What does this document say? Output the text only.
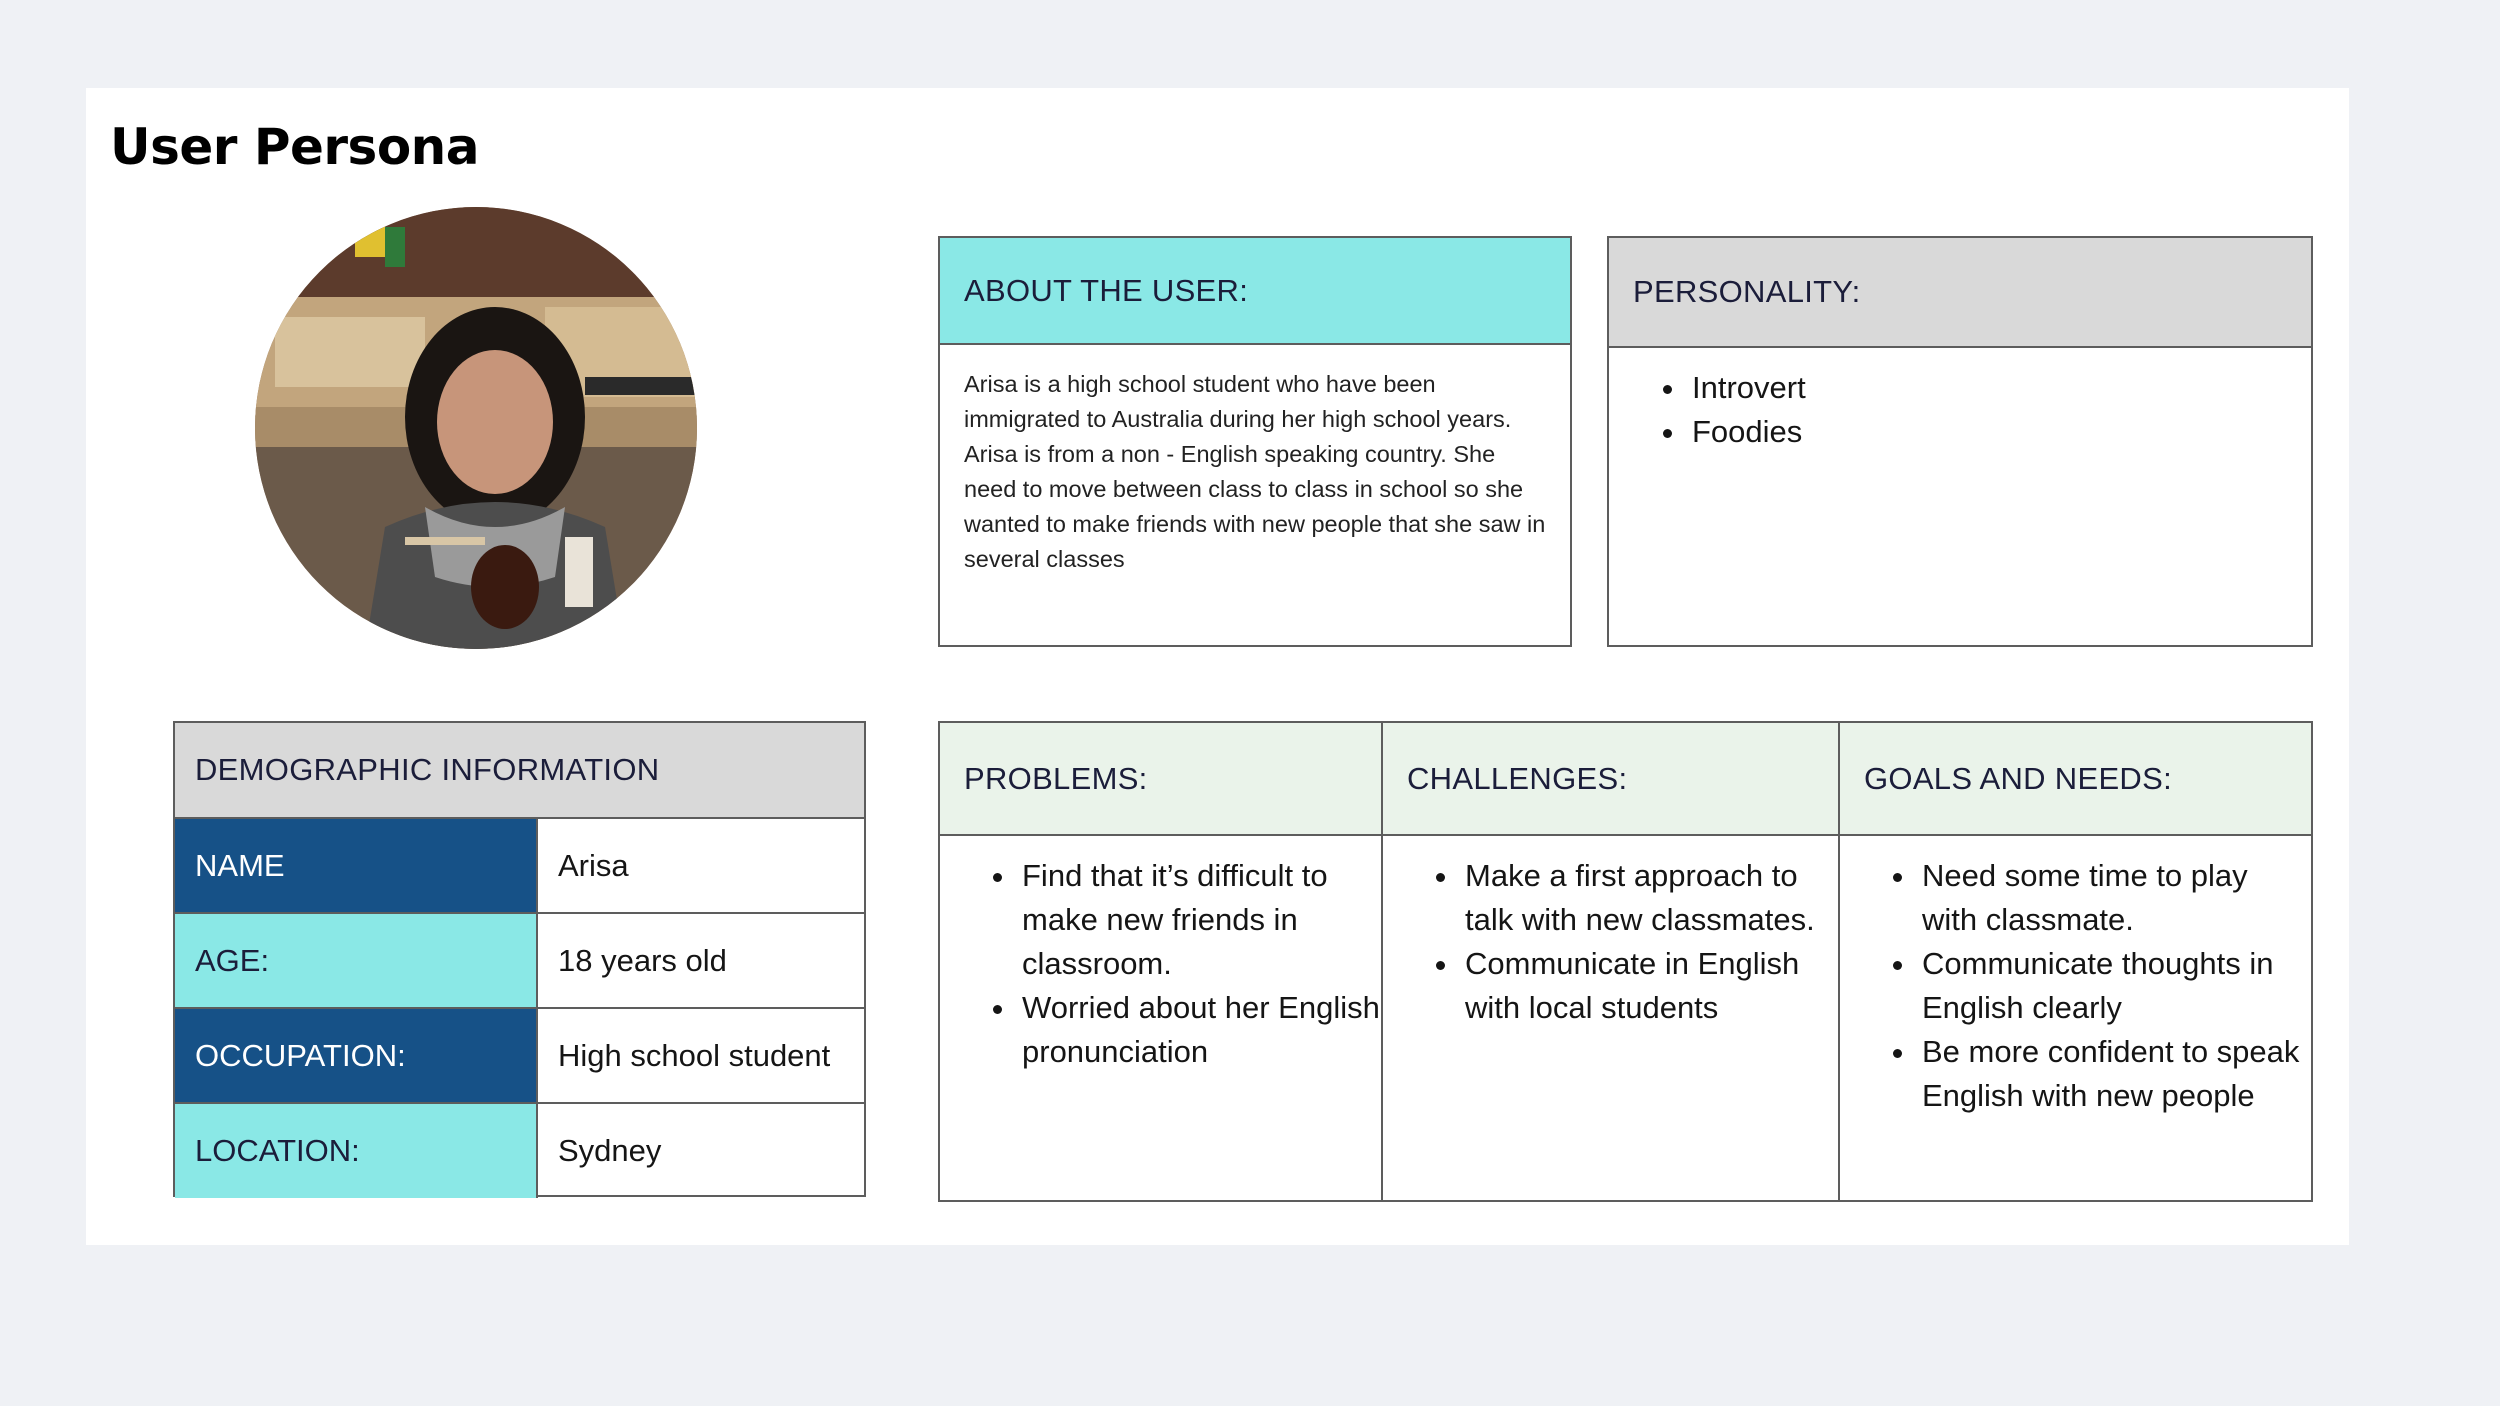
User Persona
ABOUT THE USER:
Arisa is a high school student who have been immigrated to Australia during her high school years. Arisa is from a non - English speaking country. She need to move between class to class in school so she wanted to make friends with new people that she saw in several classes
PERSONALITY:
• Introvert
• Foodies
DEMOGRAPHIC INFORMATION
NAME	Arisa
AGE:	18 years old
OCCUPATION:	High school student
LOCATION:	Sydney
PROBLEMS:
• Find that it’s difficult to make new friends in classroom.
• Worried about her English pronunciation
CHALLENGES:
• Make a first approach to talk with new classmates.
• Communicate in English with local students
GOALS AND NEEDS:
• Need some time to play with classmate.
• Communicate thoughts in English clearly
• Be more confident to speak English with new people
